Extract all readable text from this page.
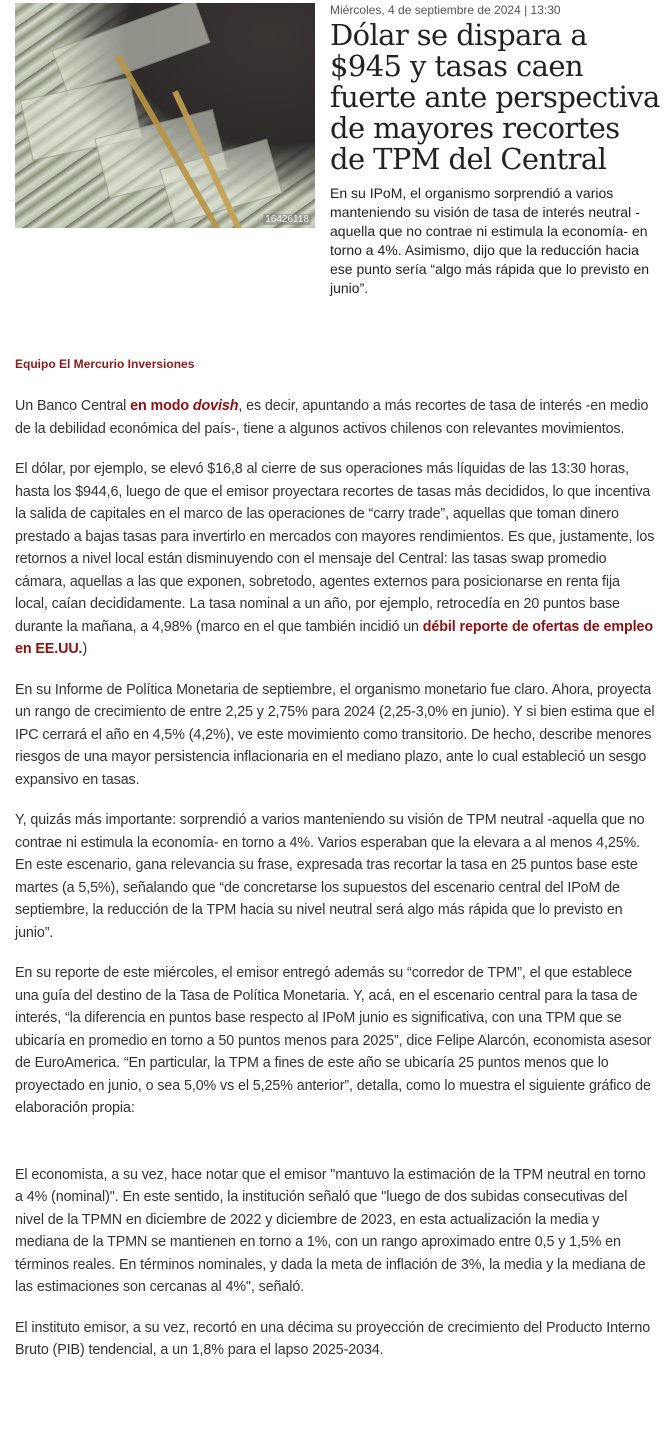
16426118
Miércoles, 4 de septiembre de 2024 | 13:30
Dólar se dispara a $945 y tasas caen fuerte ante perspectiva de mayores recortes de TPM del Central

En su IPoM, el organismo sorprendió a varios manteniendo su visión de tasa de interés neutral -aquella que no contrae ni estimula la economía- en torno a 4%. Asimismo, dijo que la reducción hacia ese punto sería “algo más rápida que lo previsto en junio”.

Equipo El Mercurio Inversiones

Un Banco Central en modo dovish, es decir, apuntando a más recortes de tasa de interés -en medio de la debilidad económica del país-, tiene a algunos activos chilenos con relevantes movimientos.

El dólar, por ejemplo, se elevó $16,8 al cierre de sus operaciones más líquidas de las 13:30 horas, hasta los $944,6, luego de que el emisor proyectara recortes de tasas más decididos, lo que incentiva la salida de capitales en el marco de las operaciones de “carry trade”, aquellas que toman dinero prestado a bajas tasas para invertirlo en mercados con mayores rendimientos. Es que, justamente, los retornos a nivel local están disminuyendo con el mensaje del Central: las tasas swap promedio cámara, aquellas a las que exponen, sobretodo, agentes externos para posicionarse en renta fija local, caían decididamente. La tasa nominal a un año, por ejemplo, retrocedía en 20 puntos base durante la mañana, a 4,98% (marco en el que también incidió un débil reporte de ofertas de empleo en EE.UU.)

En su Informe de Política Monetaria de septiembre, el organismo monetario fue claro. Ahora, proyecta un rango de crecimiento de entre 2,25 y 2,75% para 2024 (2,25-3,0% en junio). Y si bien estima que el IPC cerrará el año en 4,5% (4,2%), ve este movimiento como transitorio. De hecho, describe menores riesgos de una mayor persistencia inflacionaria en el mediano plazo, ante lo cual estableció un sesgo expansivo en tasas.

Y, quizás más importante: sorprendió a varios manteniendo su visión de TPM neutral -aquella que no contrae ni estimula la economía- en torno a 4%. Varios esperaban que la elevara a al menos 4,25%. En este escenario, gana relevancia su frase, expresada tras recortar la tasa en 25 puntos base este martes (a 5,5%), señalando que “de concretarse los supuestos del escenario central del IPoM de septiembre, la reducción de la TPM hacia su nivel neutral será algo más rápida que lo previsto en junio”.

En su reporte de este miércoles, el emisor entregó además su “corredor de TPM”, el que establece una guía del destino de la Tasa de Política Monetaria. Y, acá, en el escenario central para la tasa de interés, “la diferencia en puntos base respecto al IPoM junio es significativa, con una TPM que se ubicaría en promedio en torno a 50 puntos menos para 2025”, dice Felipe Alarcón, economista asesor de EuroAmerica. “En particular, la TPM a fines de este año se ubicaría 25 puntos menos que lo proyectado en junio, o sea 5,0% vs el 5,25% anterior”, detalla, como lo muestra el siguiente gráfico de elaboración propia:

El economista, a su vez, hace notar que el emisor "mantuvo la estimación de la TPM neutral en torno a 4% (nominal)". En este sentido, la institución señaló que "luego de dos subidas consecutivas del nivel de la TPMN en diciembre de 2022 y diciembre de 2023, en esta actualización la media y mediana de la TPMN se mantienen en torno a 1%, con un rango aproximado entre 0,5 y 1,5% en términos reales. En términos nominales, y dada la meta de inflación de 3%, la media y la mediana de las estimaciones son cercanas al 4%", señaló.

El instituto emisor, a su vez, recortó en una décima su proyección de crecimiento del Producto Interno Bruto (PIB) tendencial, a un 1,8% para el lapso 2025-2034.
